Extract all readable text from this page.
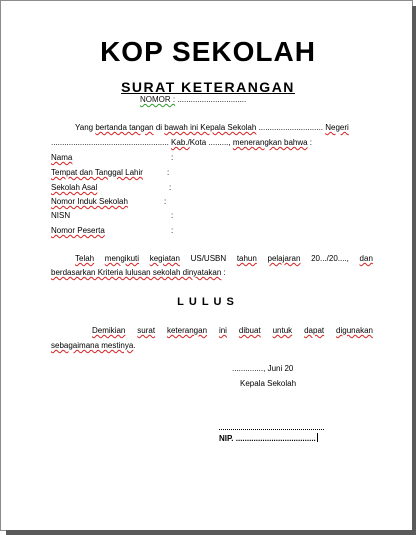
KOP SEKOLAH
SURAT KETERANGAN
NOMOR : ...............................
Yang bertanda tangan di bawah ini Kepala Sekolah ............................. Negeri
..................................................... Kab./Kota ........., menerangkan bahwa :
Nama	:
Tempat dan Tanggal Lahir	:
Sekolah Asal	:
Nomor Induk Sekolah	:
NISN	:
Nomor Peserta	:
Telah mengikuti kegiatan US/USBN tahun pelajaran 20.../20...., dan
berdasarkan Kriteria lulusan sekolah dinyatakan :
LULUS
Demikian surat keterangan ini dibuat untuk dapat digunakan
sebagaimana mestinya.
.............., Juni 20
Kepala Sekolah
NIP. ....................................
